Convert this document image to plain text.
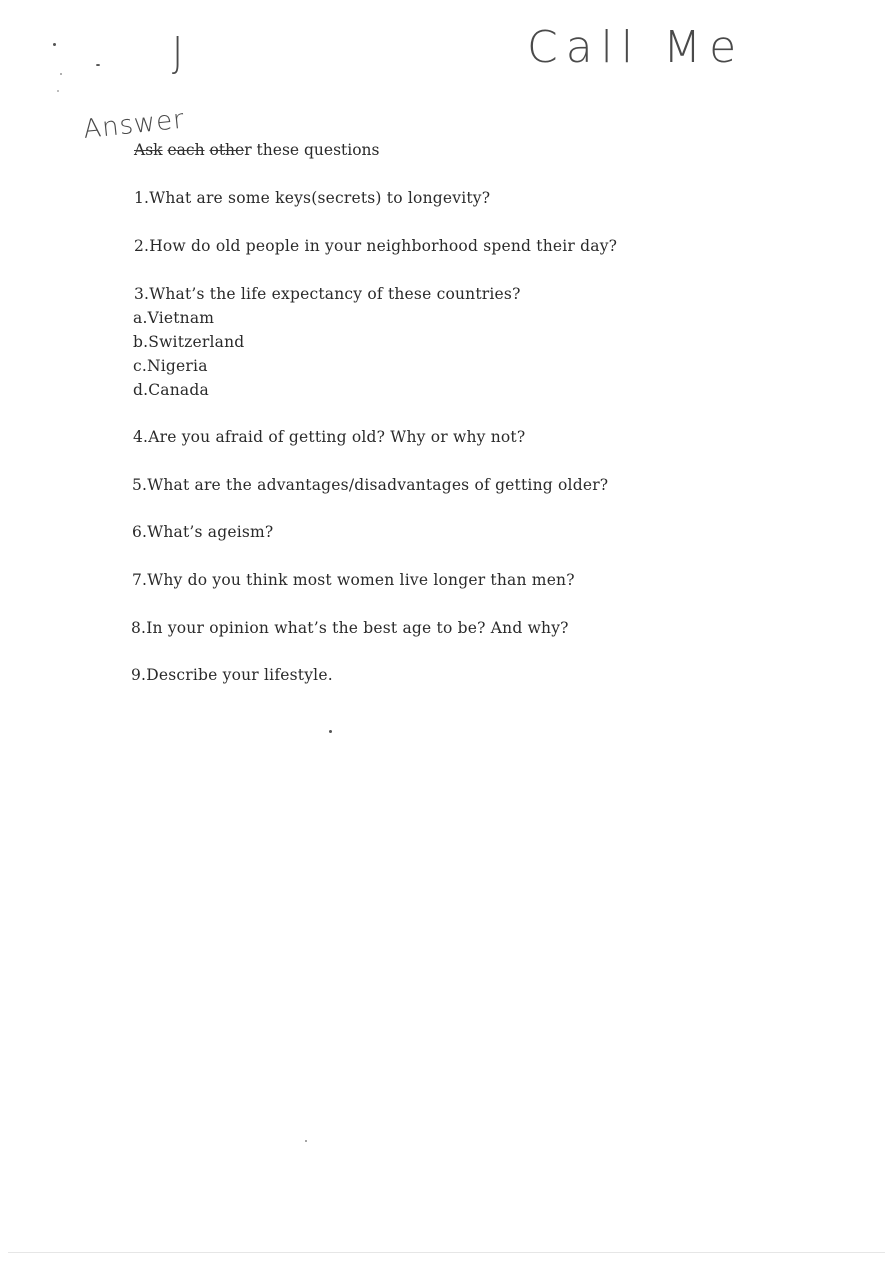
J	Call Me
Answer
Ask each other these questions
1.What are some keys(secrets) to longevity?
2.How do old people in your neighborhood spend their day?
3.What’s the life expectancy of these countries?
a.Vietnam
b.Switzerland
c.Nigeria
d.Canada
4.Are you afraid of getting old? Why or why not?
5.What are the advantages/disadvantages of getting older?
6.What’s ageism?
7.Why do you think most women live longer than men?
8.In your opinion what’s the best age to be? And why?
9.Describe your lifestyle.
